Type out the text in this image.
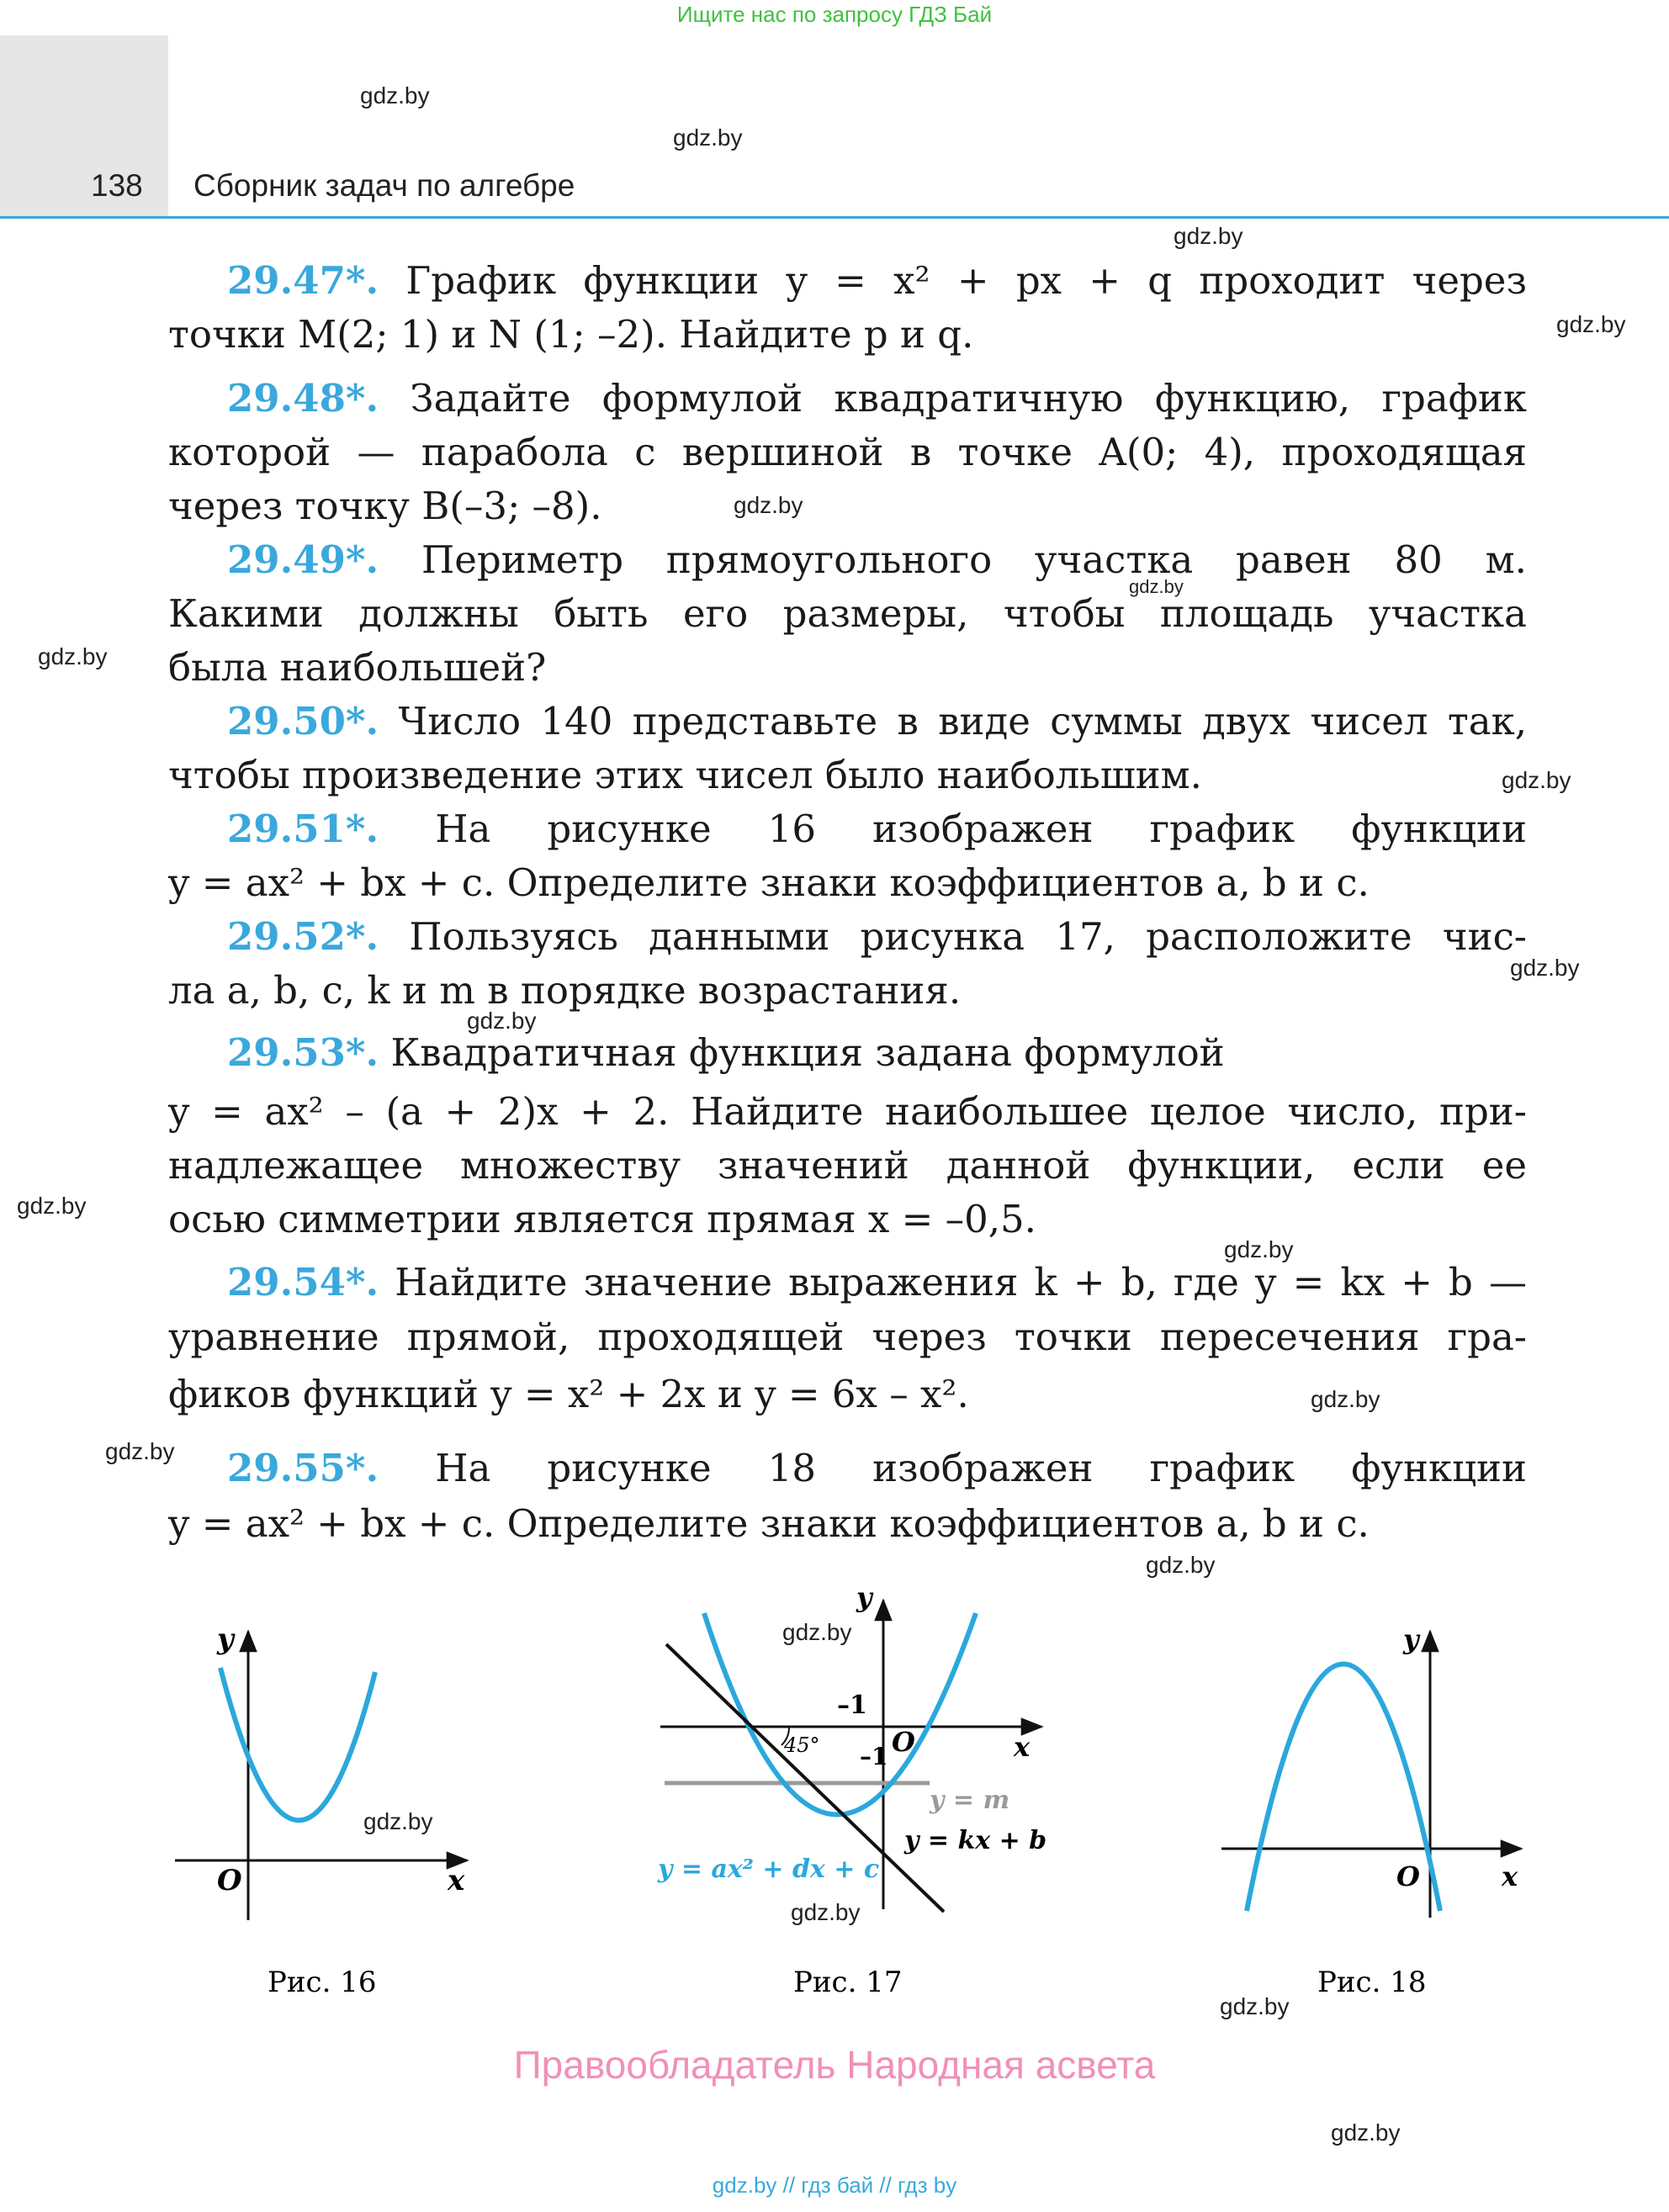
Ищите нас по запросу ГДЗ Бай
138 Сборник задач по алгебре
gdz.by
gdz.by
gdz.by
gdz.by
gdz.by
gdz.by
gdz.by
gdz.by
gdz.by
gdz.by
gdz.by
gdz.by
gdz.by
gdz.by
gdz.by
gdz.by
gdz.by
gdz.by
gdz.by
gdz.by
29.47*. График функции y = x² + px + q проходит через
точки M(2; 1) и N (1; –2). Найдите p и q.
29.48*. Задайте формулой квадратичную функцию, график
которой — парабола с вершиной в точке A(0; 4), проходящая
через точку B(–3; –8).
29.49*. Периметр прямоугольного участка равен 80 м.
Какими должны быть его размеры, чтобы площадь участка
была наибольшей?
29.50*. Число 140 представьте в виде суммы двух чисел так,
чтобы произведение этих чисел было наибольшим.
29.51*. На рисунке 16 изображен график функции
y = ax² + bx + c. Определите знаки коэффициентов a, b и c.
29.52*. Пользуясь данными рисунка 17, расположите чис-
ла a, b, c, k и m в порядке возрастания.
29.53*. Квадратичная функция задана формулой
y = ax² – (a + 2)x + 2. Найдите наибольшее целое число, при-
надлежащее множеству значений данной функции, если ее
осью симметрии является прямая x = –0,5.
29.54*. Найдите значение выражения k + b, где y = kx + b —
уравнение прямой, проходящей через точки пересечения гра-
фиков функций y = x² + 2x и y = 6x – x².
29.55*. На рисунке 18 изображен график функции
y = ax² + bx + c. Определите знаки коэффициентов a, b и c.
y
x
O
Рис. 16
y
x
O
–1
–1
45°
y = m
y = kx + b
y = ax² + dx + c
Рис. 17
y
x
O
Рис. 18
Правообладатель Народная асвета
gdz.by // гдз бай // гдз by
